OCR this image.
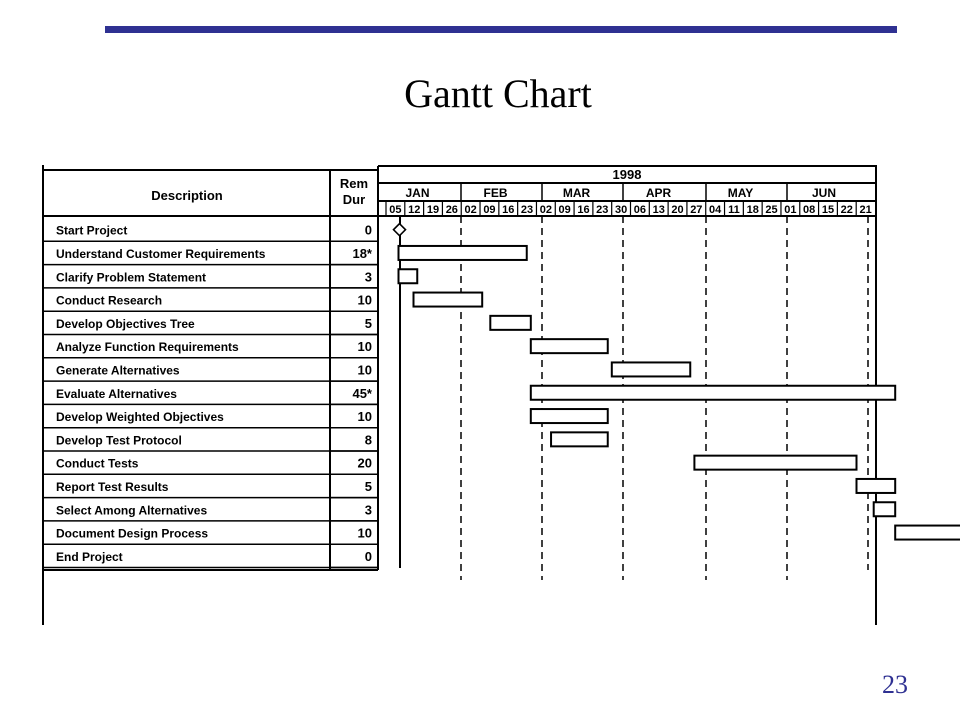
Gantt Chart
Description
Rem
Dur
1998
JAN	FEB	MAR	APR	MAY	JUN
05 12 19 26 02 09 16 23 02 09 16 23 30 06 13 20 27 04 11 18 25 01 08 15 22 21
Start Project	0
Understand Customer Requirements	18*
Clarify Problem Statement	3
Conduct Research	10
Develop Objectives Tree	5
Analyze Function Requirements	10
Generate Alternatives	10
Evaluate Alternatives	45*
Develop Weighted Objectives	10
Develop Test Protocol	8
Conduct Tests	20
Report Test Results	5
Select Among Alternatives	3
Document Design Process	10
End Project	0
23
